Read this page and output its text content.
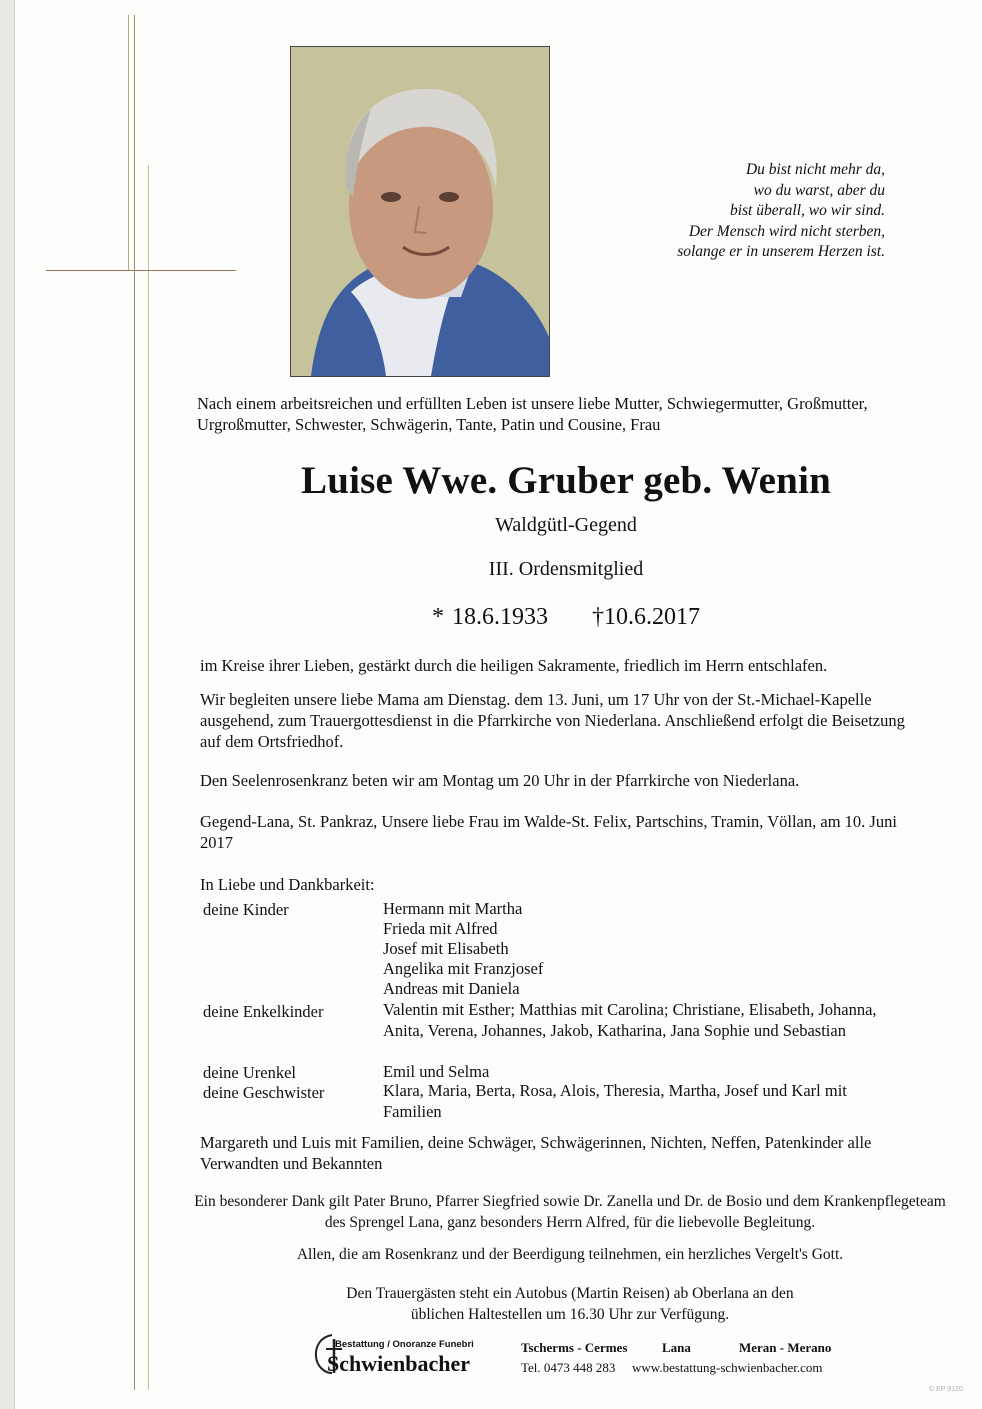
Du bist nicht mehr da,
wo du warst, aber du
bist überall, wo wir sind.
Der Mensch wird nicht sterben,
solange er in unserem Herzen ist.
Nach einem arbeitsreichen und erfüllten Leben ist unsere liebe Mutter, Schwiegermutter, Großmutter, Urgroßmutter, Schwester, Schwägerin, Tante, Patin und Cousine, Frau
Luise Wwe. Gruber geb. Wenin
Waldgütl-Gegend
III. Ordensmitglied
* 18.6.1933 †10.6.2017
im Kreise ihrer Lieben, gestärkt durch die heiligen Sakramente, friedlich im Herrn entschlafen.
Wir begleiten unsere liebe Mama am Dienstag. dem 13. Juni, um 17 Uhr von der St.-Michael-Kapelle ausgehend, zum Trauergottesdienst in die Pfarrkirche von Niederlana. Anschließend erfolgt die Beisetzung auf dem Ortsfriedhof.
Den Seelenrosenkranz beten wir am Montag um 20 Uhr in der Pfarrkirche von Niederlana.
Gegend-Lana, St. Pankraz, Unsere liebe Frau im Walde-St. Felix, Partschins, Tramin, Völlan, am 10. Juni 2017
In Liebe und Dankbarkeit:
deine Kinder	Hermann mit Martha
Frieda mit Alfred
Josef mit Elisabeth
Angelika mit Franzjosef
Andreas mit Daniela
deine Enkelkinder	Valentin mit Esther; Matthias mit Carolina; Christiane, Elisabeth, Johanna, Anita, Verena, Johannes, Jakob, Katharina, Jana Sophie und Sebastian
deine Urenkel	Emil und Selma
deine Geschwister	Klara, Maria, Berta, Rosa, Alois, Theresia, Martha, Josef und Karl mit Familien
Margareth und Luis mit Familien, deine Schwäger, Schwägerinnen, Nichten, Neffen, Patenkinder alle Verwandten und Bekannten
Ein besonderer Dank gilt Pater Bruno, Pfarrer Siegfried sowie Dr. Zanella und Dr. de Bosio und dem Krankenpflegeteam des Sprengel Lana, ganz besonders Herrn Alfred, für die liebevolle Begleitung.
Allen, die am Rosenkranz und der Beerdigung teilnehmen, ein herzliches Vergelt's Gott.
Den Trauergästen steht ein Autobus (Martin Reisen) ab Oberlana an den üblichen Haltestellen um 16.30 Uhr zur Verfügung.
Bestattung / Onoranze Funebri
Schwienbacher
Tscherms - Cermes	Lana	Meran - Merano
Tel. 0473 448 283 www.bestattung-schwienbacher.com
© EP 9120
